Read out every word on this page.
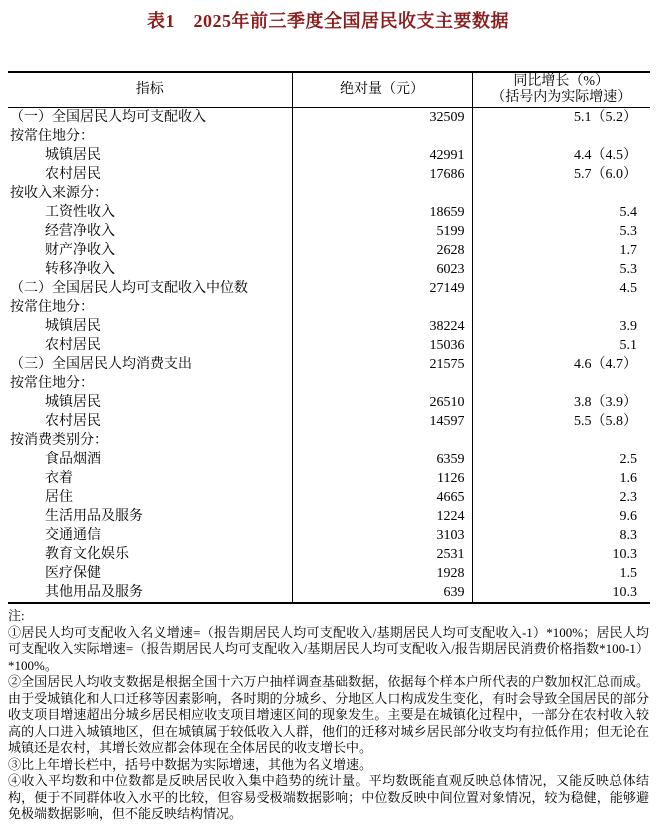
表1　2025年前三季度全国居民收支主要数据
指标	绝对量（元）	同比增长（%）
（括号内为实际增速）
（一）全国居民人均可支配收入	32509	5.1（5.2）
按常住地分：		
城镇居民	42991	4.4（4.5）
农村居民	17686	5.7（6.0）
按收入来源分：		
工资性收入	18659	5.4
经营净收入	5199	5.3
财产净收入	2628	1.7
转移净收入	6023	5.3
（二）全国居民人均可支配收入中位数	27149	4.5
按常住地分：		
城镇居民	38224	3.9
农村居民	15036	5.1
（三）全国居民人均消费支出	21575	4.6（4.7）
按常住地分：		
城镇居民	26510	3.8（3.9）
农村居民	14597	5.5（5.8）
按消费类别分：		
食品烟酒	6359	2.5
衣着	1126	1.6
居住	4665	2.3
生活用品及服务	1224	9.6
交通通信	3103	8.3
教育文化娱乐	2531	10.3
医疗保健	1928	1.5
其他用品及服务	639	10.3

注:

①居民人均可支配收入名义增速=（报告期居民人均可支配收入/基期居民人均可支配收入-1）*100%；居民人均可支配收入实际增速=（报告期居民人均可支配收入/基期居民人均可支配收入/报告期居民消费价格指数*100-1）*100%。

②全国居民人均收支数据是根据全国十六万户抽样调查基础数据，依据每个样本户所代表的户数加权汇总而成。由于受城镇化和人口迁移等因素影响，各时期的分城乡、分地区人口构成发生变化，有时会导致全国居民的部分收支项目增速超出分城乡居民相应收支项目增速区间的现象发生。主要是在城镇化过程中，一部分在农村收入较高的人口进入城镇地区，但在城镇属于较低收入人群，他们的迁移对城乡居民部分收支均有拉低作用；但无论在城镇还是农村，其增长效应都会体现在全体居民的收支增长中。

③比上年增长栏中，括号中数据为实际增速，其他为名义增速。

④收入平均数和中位数都是反映居民收入集中趋势的统计量。平均数既能直观反映总体情况，又能反映总体结构，便于不同群体收入水平的比较，但容易受极端数据影响；中位数反映中间位置对象情况，较为稳健，能够避免极端数据影响，但不能反映结构情况。
